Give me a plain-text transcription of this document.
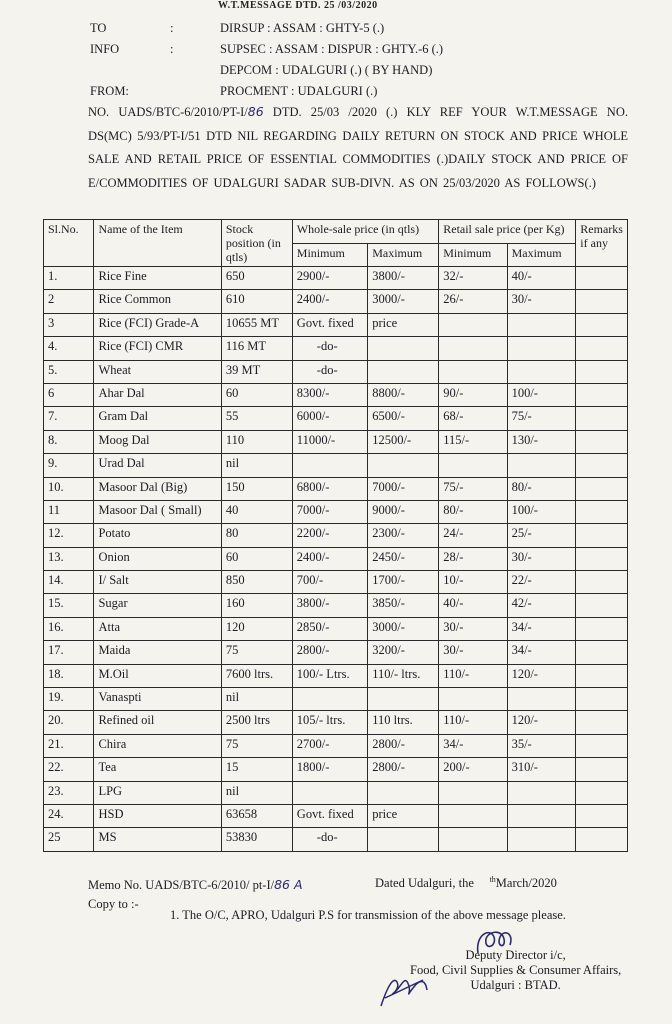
W.T.MESSAGE DTD. 25 /03/2020
TO	:	DIRSUP : ASSAM : GHTY-5 (.)
INFO	:	SUPSEC : ASSAM : DISPUR : GHTY.-6 (.)
DEPCOM : UDALGURI (.) ( BY HAND)
FROM:	PROCMENT : UDALGURI (.)
NO. UADS/BTC-6/2010/PT-I/86 DTD. 25/03 /2020 (.) KLY REF YOUR W.T.MESSAGE NO. DS(MC) 5/93/PT-I/51 DTD NIL REGARDING DAILY RETURN ON STOCK AND PRICE WHOLE SALE AND RETAIL PRICE OF ESSENTIAL COMMODITIES (.)DAILY STOCK AND PRICE OF E/COMMODITIES OF UDALGURI SADAR SUB-DIVN. AS ON 25/03/2020 AS FOLLOWS(.)
Sl.No.	Name of the Item	Stock position (in qtls)	Whole-sale price (in qtls)		Retail sale price (per Kg)		Remarks if any
			Minimum	Maximum	Minimum	Maximum	
1.	Rice Fine	650	2900/-	3800/-	32/-	40/-	
2	Rice Common	610	2400/-	3000/-	26/-	30/-	
3	Rice (FCI) Grade-A	10655 MT	Govt. fixed	price			
4.	Rice (FCI) CMR	116 MT	-do-				
5.	Wheat	39 MT	-do-				
6	Ahar Dal	60	8300/-	8800/-	90/-	100/-	
7.	Gram Dal	55	6000/-	6500/-	68/-	75/-	
8.	Moog Dal	110	11000/-	12500/-	115/-	130/-	
9.	Urad Dal	nil					
10.	Masoor Dal (Big)	150	6800/-	7000/-	75/-	80/-	
11	Masoor Dal ( Small)	40	7000/-	9000/-	80/-	100/-	
12.	Potato	80	2200/-	2300/-	24/-	25/-	
13.	Onion	60	2400/-	2450/-	28/-	30/-	
14.	I/ Salt	850	700/-	1700/-	10/-	22/-	
15.	Sugar	160	3800/-	3850/-	40/-	42/-	
16.	Atta	120	2850/-	3000/-	30/-	34/-	
17.	Maida	75	2800/-	3200/-	30/-	34/-	
18.	M.Oil	7600 ltrs.	100/- Ltrs.	110/- ltrs.	110/-	120/-	
19.	Vanaspti	nil					
20.	Refined oil	2500 ltrs	105/- ltrs.	110 ltrs.	110/-	120/-	
21.	Chira	75	2700/-	2800/-	34/-	35/-	
22.	Tea	15	1800/-	2800/-	200/-	310/-	
23.	LPG	nil					
24.	HSD	63658	Govt. fixed	price			
25	MS	53830	-do-				
Memo No. UADS/BTC-6/2010/ pt-I/86 A	Dated Udalguri, the $^{th}$March/2020
Copy to :-
1. The O/C, APRO, Udalguri P.S for transmission of the above message please.
Deputy Director i/c,
Food, Civil Supplies & Consumer Affairs,
Udalguri : BTAD.
